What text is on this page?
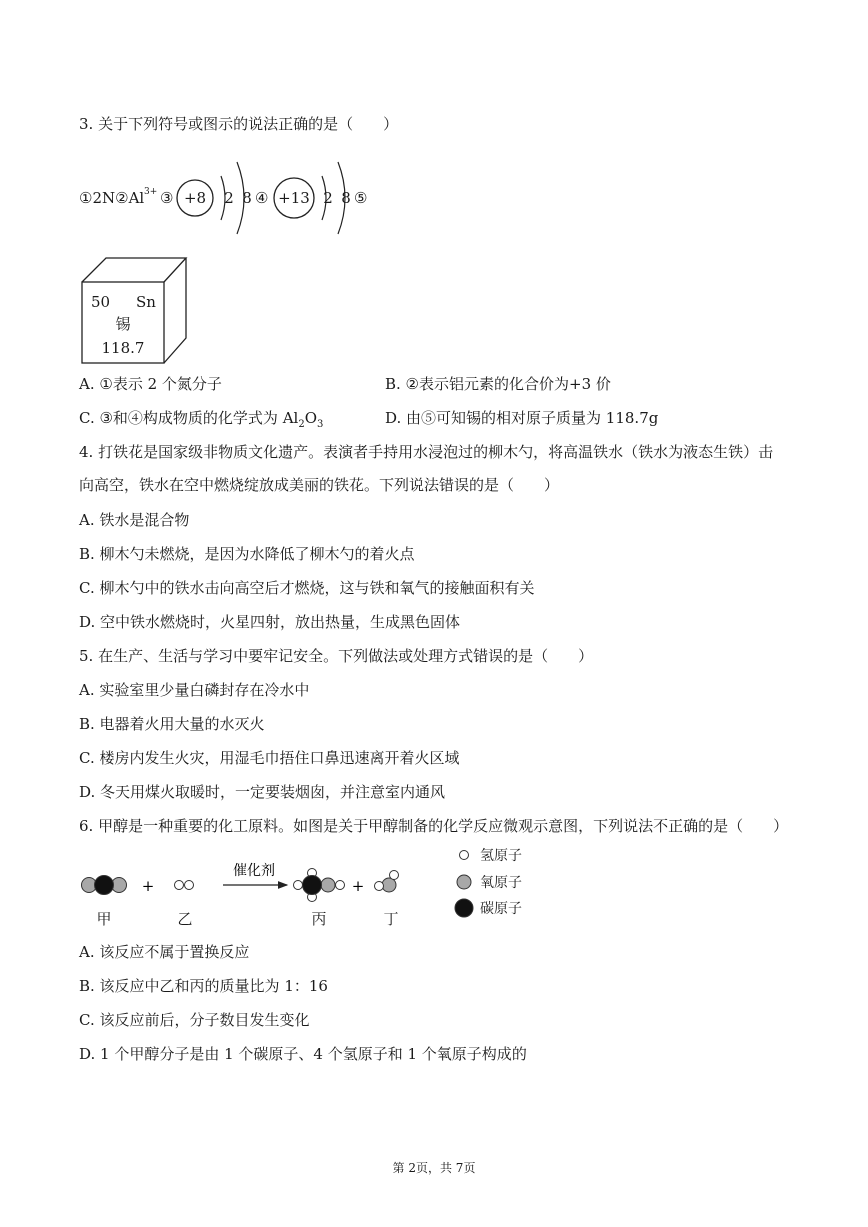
3. 关于下列符号或图示的说法正确的是（　　）
①2N②Al 3+ ③ +8 2 8 ④ +13 2 8 ⑤
50 Sn
锡
118.7
A. ①表示 2 个氮分子	B. ②表示铝元素的化合价为+3 价
C. ③和④构成物质的化学式为 $Al_2O_3$	D. 由⑤可知锡的相对原子质量为 118.7g
4. 打铁花是国家级非物质文化遗产。表演者手持用水浸泡过的柳木勺，将高温铁水（铁水为液态生铁）击
向高空，铁水在空中燃烧绽放成美丽的铁花。下列说法错误的是（　　）
A. 铁水是混合物
B. 柳木勺未燃烧，是因为水降低了柳木勺的着火点
C. 柳木勺中的铁水击向高空后才燃烧，这与铁和氧气的接触面积有关
D. 空中铁水燃烧时，火星四射，放出热量，生成黑色固体
5. 在生产、生活与学习中要牢记安全。下列做法或处理方式错误的是（　　）
A. 实验室里少量白磷封存在冷水中
B. 电器着火用大量的水灭火
C. 楼房内发生火灾，用湿毛巾捂住口鼻迅速离开着火区域
D. 冬天用煤火取暖时，一定要装烟囱，并注意室内通风
6. 甲醇是一种重要的化工原料。如图是关于甲醇制备的化学反应微观示意图，下列说法不正确的是（　　）
+
催化剂
+
甲	乙	丙	丁
氢原子
氧原子
碳原子
A. 该反应不属于置换反应
B. 该反应中乙和丙的质量比为 1：16
C. 该反应前后，分子数目发生变化
D. 1 个甲醇分子是由 1 个碳原子、4 个氢原子和 1 个氧原子构成的
第 2页，共 7页
